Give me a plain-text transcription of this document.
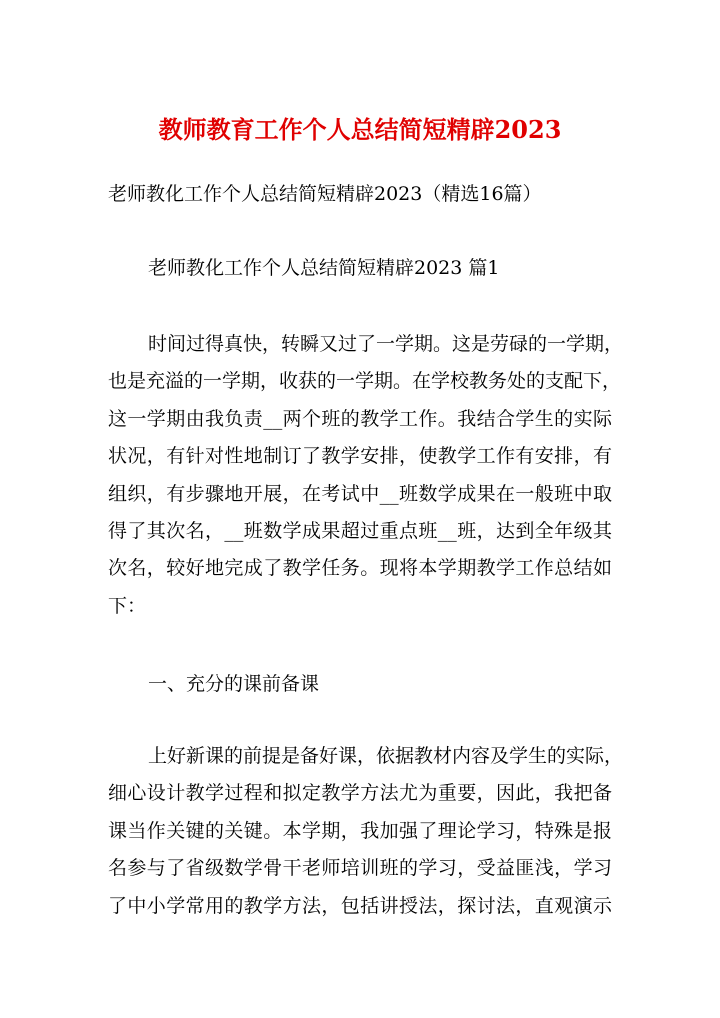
教师教育工作个人总结简短精辟2023
老师教化工作个人总结简短精辟2023（精选16篇）
老师教化工作个人总结简短精辟2023 篇1
时间过得真快，转瞬又过了一学期。这是劳碌的一学期，
也是充溢的一学期，收获的一学期。在学校教务处的支配下，
这一学期由我负责__两个班的教学工作。我结合学生的实际
状况，有针对性地制订了教学安排，使教学工作有安排，有
组织，有步骤地开展，在考试中__班数学成果在一般班中取
得了其次名，__班数学成果超过重点班__班，达到全年级其
次名，较好地完成了教学任务。现将本学期教学工作总结如
下：
一、充分的课前备课
上好新课的前提是备好课，依据教材内容及学生的实际，
细心设计教学过程和拟定教学方法尤为重要，因此，我把备
课当作关键的关键。本学期，我加强了理论学习，特殊是报
名参与了省级数学骨干老师培训班的学习，受益匪浅，学习
了中小学常用的教学方法，包括讲授法，探讨法，直观演示
